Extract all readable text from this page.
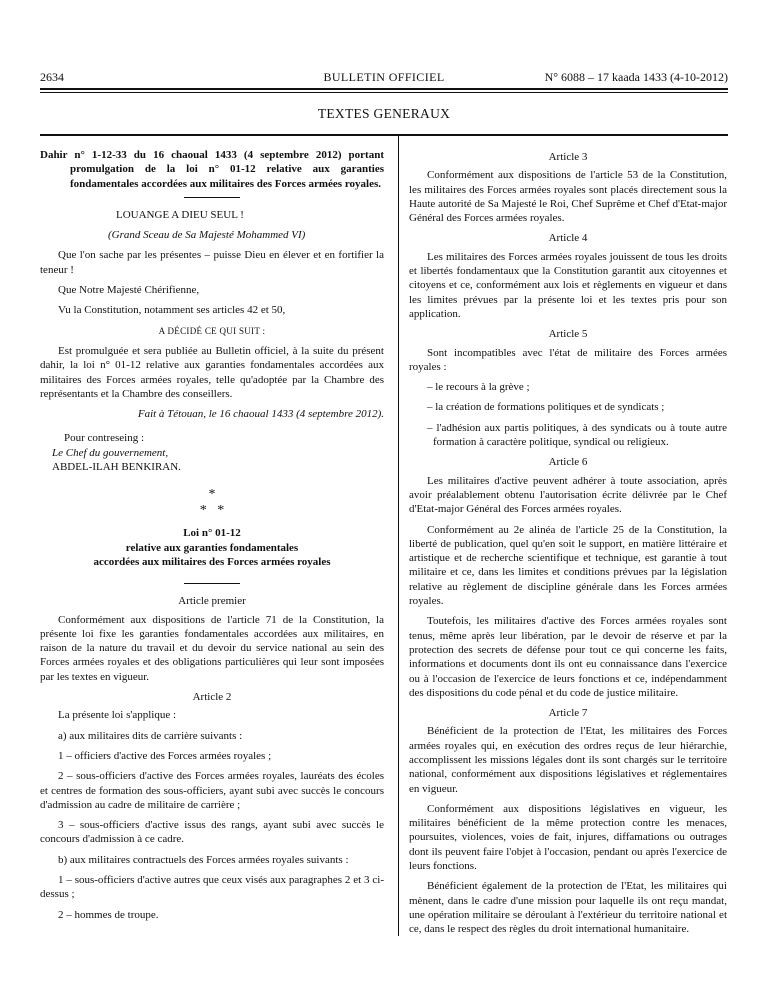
2634	BULLETIN OFFICIEL	N° 6088 – 17 kaada 1433 (4-10-2012)
TEXTES GENERAUX

Dahir n° 1-12-33 du 16 chaoual 1433 (4 septembre 2012) portant promulgation de la loi n° 01-12 relative aux garanties fondamentales accordées aux militaires des Forces armées royales.

LOUANGE A DIEU SEUL !

(Grand Sceau de Sa Majesté Mohammed VI)

Que l'on sache par les présentes – puisse Dieu en élever et en fortifier la teneur !

Que Notre Majesté Chérifienne,

Vu la Constitution, notamment ses articles 42 et 50,

A DÉCIDÉ CE QUI SUIT :

Est promulguée et sera publiée au Bulletin officiel, à la suite du présent dahir, la loi n° 01-12 relative aux garanties fondamentales accordées aux militaires des Forces armées royales, telle qu'adoptée par la Chambre des représentants et la Chambre des conseillers.

Fait à Tétouan, le 16 chaoual 1433 (4 septembre 2012).

Pour contreseing :

Le Chef du gouvernement,

ABDEL-ILAH BENKIRAN.

*
*   *

Loi n° 01-12

relative aux garanties fondamentales

accordées aux militaires des Forces armées royales

Article premier

Conformément aux dispositions de l'article 71 de la Constitution, la présente loi fixe les garanties fondamentales accordées aux militaires, en raison de la nature du travail et du devoir du service national au sein des Forces armées royales et des obligations particulières qui leur sont imposées par les textes en vigueur.

Article 2

La présente loi s'applique :

a) aux militaires dits de carrière suivants :

1 – officiers d'active des Forces armées royales ;

2 – sous-officiers d'active des Forces armées royales, lauréats des écoles et centres de formation des sous-officiers, ayant subi avec succès le concours d'admission au cadre de militaire de carrière ;

3 – sous-officiers d'active issus des rangs, ayant subi avec succès le concours d'admission à ce cadre.

b) aux militaires contractuels des Forces armées royales suivants :

1 – sous-officiers d'active autres que ceux visés aux paragraphes 2 et 3 ci-dessus ;

2 – hommes de troupe.

Article 3

Conformément aux dispositions de l'article 53 de la Constitution, les militaires des Forces armées royales sont placés directement sous la Haute autorité de Sa Majesté le Roi, Chef Suprême et Chef d'Etat-major Général des Forces armées royales.

Article 4

Les militaires des Forces armées royales jouissent de tous les droits et libertés fondamentaux que la Constitution garantit aux citoyennes et citoyens et ce, conformément aux lois et règlements en vigueur et dans les limites prévues par la présente loi et les textes pris pour son application.

Article 5

Sont incompatibles avec l'état de militaire des Forces armées royales :

– le recours à la grève ;

– la création de formations politiques et de syndicats ;

– l'adhésion aux partis politiques, à des syndicats ou à toute autre formation à caractère politique, syndical ou religieux.

Article 6

Les militaires d'active peuvent adhérer à toute association, après avoir préalablement obtenu l'autorisation écrite délivrée par le Chef d'Etat-major Général des Forces armées royales.

Conformément au 2e alinéa de l'article 25 de la Constitution, la liberté de publication, quel qu'en soit le support, en matière littéraire et artistique et de recherche scientifique et technique, est garantie à tout militaire et ce, dans les limites et conditions prévues par la législation relative au règlement de discipline générale dans les Forces armées royales.

Toutefois, les militaires d'active des Forces armées royales sont tenus, même après leur libération, par le devoir de réserve et par la protection des secrets de défense pour tout ce qui concerne les faits, informations et documents dont ils ont eu connaissance dans l'exercice ou à l'occasion de l'exercice de leurs fonctions et ce, indépendamment des dispositions du code pénal et du code de justice militaire.

Article 7

Bénéficient de la protection de l'Etat, les militaires des Forces armées royales qui, en exécution des ordres reçus de leur hiérarchie, accomplissent les missions légales dont ils sont chargés sur le territoire national, conformément aux dispositions législatives et réglementaires en vigueur.

Conformément aux dispositions législatives en vigueur, les militaires bénéficient de la même protection contre les menaces, poursuites, violences, voies de fait, injures, diffamations ou outrages dont ils peuvent faire l'objet à l'occasion, pendant ou après l'exercice de leurs fonctions.

Bénéficient également de la protection de l'Etat, les militaires qui mènent, dans le cadre d'une mission pour laquelle ils ont reçu mandat, une opération militaire se déroulant à l'extérieur du territoire national et ce, dans le respect des règles du droit international humanitaire.
